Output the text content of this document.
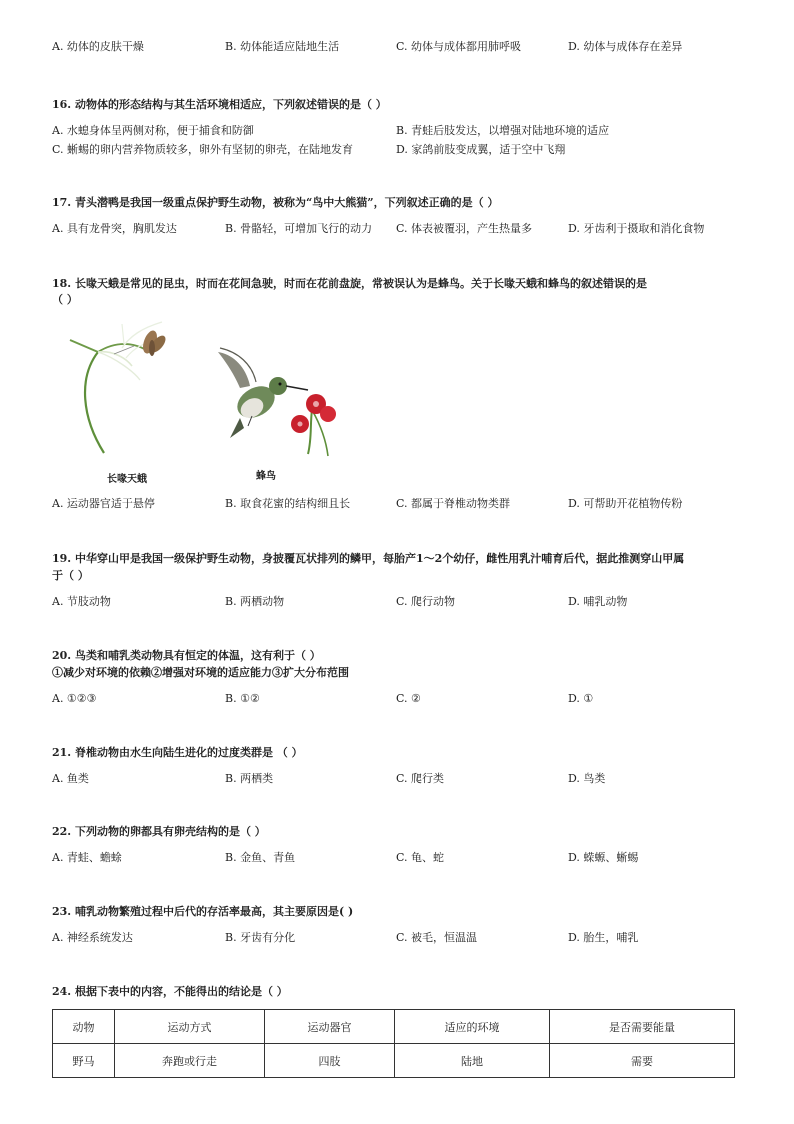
A. 幼体的皮肤干燥	B. 幼体能适应陆地生活	C. 幼体与成体都用肺呼吸	D. 幼体与成体存在差异
16. 动物体的形态结构与其生活环境相适应，下列叙述错误的是（ ）
A. 水螅身体呈两侧对称，便于捕食和防御	B. 青蛙后肢发达，以增强对陆地环境的适应
C. 蜥蜴的卵内营养物质较多，卵外有坚韧的卵壳，在陆地发育	D. 家鸽前肢变成翼，适于空中飞翔
17. 青头潜鸭是我国一级重点保护野生动物，被称为“鸟中大熊猫”，下列叙述正确的是（ ）
A. 具有龙骨突，胸肌发达	B. 骨骼轻，可增加飞行的动力 C. 体表被覆羽，产生热量多	D. 牙齿利于摄取和消化食物
18. 长喙天蛾是常见的昆虫，时而在花间急驶，时而在花前盘旋，常被误认为是蜂鸟。关于长喙天蛾和蜂鸟的叙述错误的是
（ ）
长喙天蛾	蜂鸟
A. 运动器官适于悬停	B. 取食花蜜的结构细且长	C. 都属于脊椎动物类群	D. 可帮助开花植物传粉
19. 中华穿山甲是我国一级保护野生动物，身披覆瓦状排列的鳞甲，每胎产1～2个幼仔，雌性用乳汁哺育后代，据此推测穿山甲属
于（ ）
A. 节肢动物	B. 两栖动物	C. 爬行动物	D. 哺乳动物
20. 鸟类和哺乳类动物具有恒定的体温，这有利于（ ）
①减少对环境的依赖②增强对环境的适应能力③扩大分布范围
A. ①②③	B. ①②	C. ②	D. ①
21. 脊椎动物由水生向陆生进化的过度类群是 （ ）
A. 鱼类	B. 两栖类	C. 爬行类	D. 鸟类
22. 下列动物的卵都具有卵壳结构的是（ ）
A. 青蛙、蟾蜍	B. 金鱼、青鱼	C. 龟、蛇	D. 蝾螈、蜥蜴
23. 哺乳动物繁殖过程中后代的存活率最高，其主要原因是( )
A. 神经系统发达	B. 牙齿有分化	C. 被毛，恒温温	D. 胎生，哺乳
24. 根据下表中的内容，不能得出的结论是（ ）
动物	运动方式	运动器官	适应的环境	是否需要能量
野马	奔跑或行走	四肢	陆地	需要
